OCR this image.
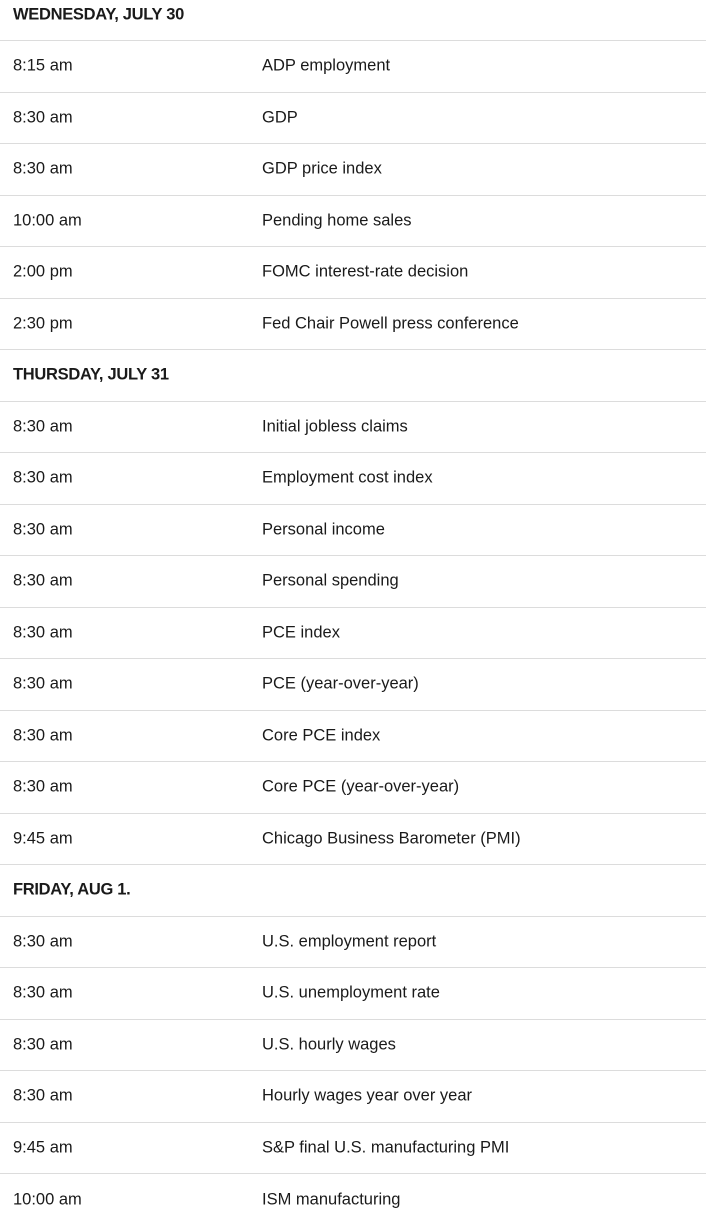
WEDNESDAY, JULY 30
8:15 am	ADP employment
8:30 am	GDP
8:30 am	GDP price index
10:00 am	Pending home sales
2:00 pm	FOMC interest-rate decision
2:30 pm	Fed Chair Powell press conference
THURSDAY, JULY 31
8:30 am	Initial jobless claims
8:30 am	Employment cost index
8:30 am	Personal income
8:30 am	Personal spending
8:30 am	PCE index
8:30 am	PCE (year-over-year)
8:30 am	Core PCE index
8:30 am	Core PCE (year-over-year)
9:45 am	Chicago Business Barometer (PMI)
FRIDAY, AUG 1.
8:30 am	U.S. employment report
8:30 am	U.S. unemployment rate
8:30 am	U.S. hourly wages
8:30 am	Hourly wages year over year
9:45 am	S&P final U.S. manufacturing PMI
10:00 am	ISM manufacturing
